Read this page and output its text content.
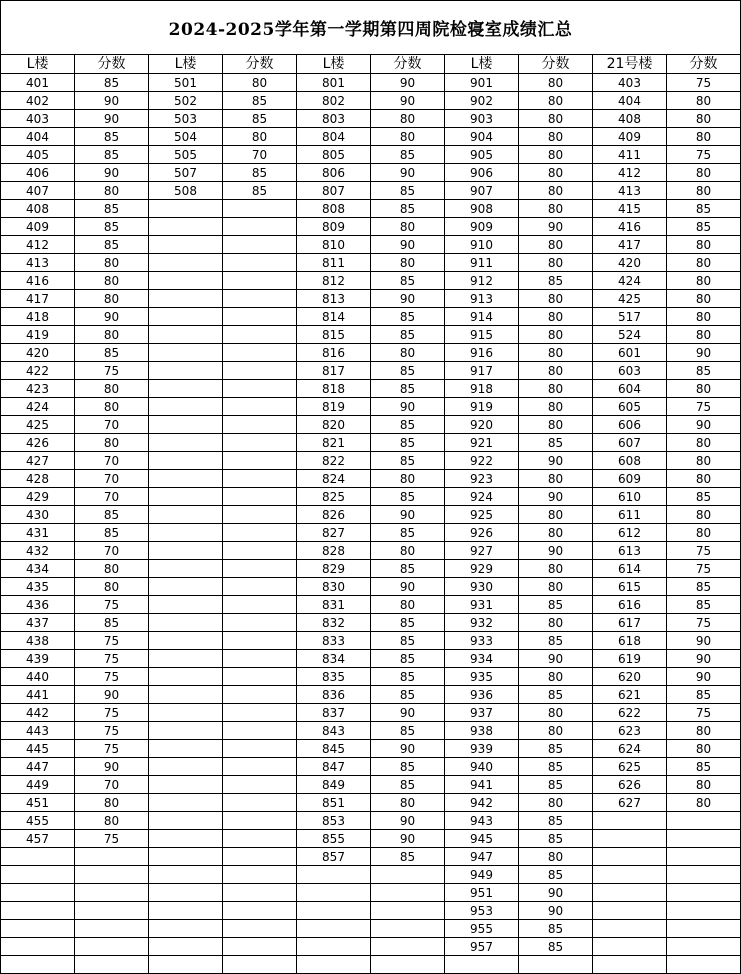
2024-2025学年第一学期第四周院检寝室成绩汇总									
L楼	分数	L楼	分数	L楼	分数	L楼	分数	21号楼	分数
401	85	501	80	801	90	901	80	403	75
402	90	502	85	802	90	902	80	404	80
403	90	503	85	803	80	903	80	408	80
404	85	504	80	804	80	904	80	409	80
405	85	505	70	805	85	905	80	411	75
406	90	507	85	806	90	906	80	412	80
407	80	508	85	807	85	907	80	413	80
408	85			808	85	908	80	415	85
409	85			809	80	909	90	416	85
412	85			810	90	910	80	417	80
413	80			811	80	911	80	420	80
416	80			812	85	912	85	424	80
417	80			813	90	913	80	425	80
418	90			814	85	914	80	517	80
419	80			815	85	915	80	524	80
420	85			816	80	916	80	601	90
422	75			817	85	917	80	603	85
423	80			818	85	918	80	604	80
424	80			819	90	919	80	605	75
425	70			820	85	920	80	606	90
426	80			821	85	921	85	607	80
427	70			822	85	922	90	608	80
428	70			824	80	923	80	609	80
429	70			825	85	924	90	610	85
430	85			826	90	925	80	611	80
431	85			827	85	926	80	612	80
432	70			828	80	927	90	613	75
434	80			829	85	929	80	614	75
435	80			830	90	930	80	615	85
436	75			831	80	931	85	616	85
437	85			832	85	932	80	617	75
438	75			833	85	933	85	618	90
439	75			834	85	934	90	619	90
440	75			835	85	935	80	620	90
441	90			836	85	936	85	621	85
442	75			837	90	937	80	622	75
443	75			843	85	938	80	623	80
445	75			845	90	939	85	624	80
447	90			847	85	940	85	625	85
449	70			849	85	941	85	626	80
451	80			851	80	942	80	627	80
455	80			853	90	943	85		
457	75			855	90	945	85		
				857	85	947	80		
						949	85		
						951	90		
						953	90		
						955	85		
						957	85		
